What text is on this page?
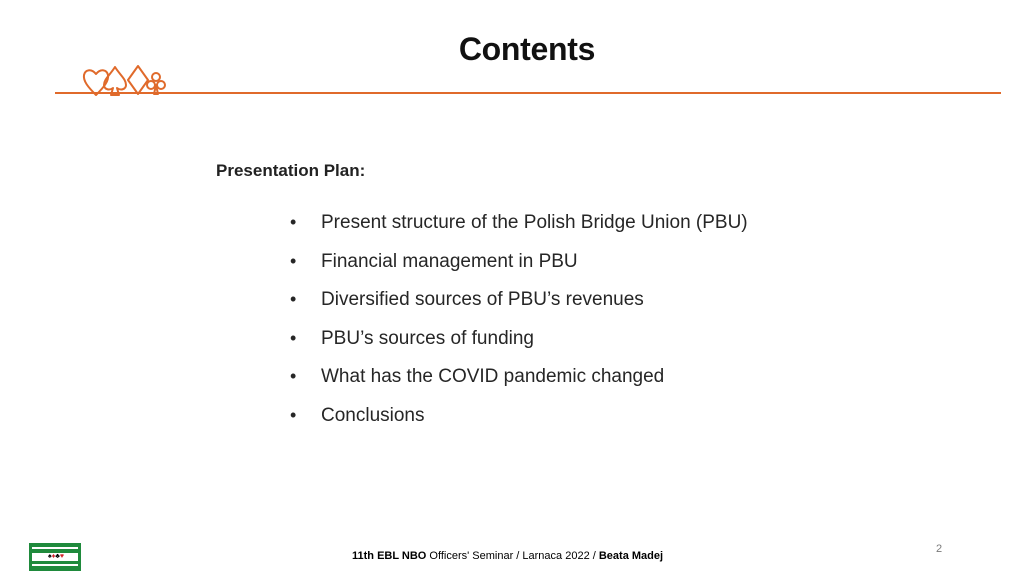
Contents
Presentation Plan:
•	Present structure of the Polish Bridge Union (PBU)
•	Financial management in PBU
•	Diversified sources of PBU’s revenues
•	PBU’s sources of funding
•	What has the COVID pandemic changed
•	Conclusions
♠♦♣♥
2
11th EBL NBO Officers' Seminar / Larnaca 2022 / Beata Madej
